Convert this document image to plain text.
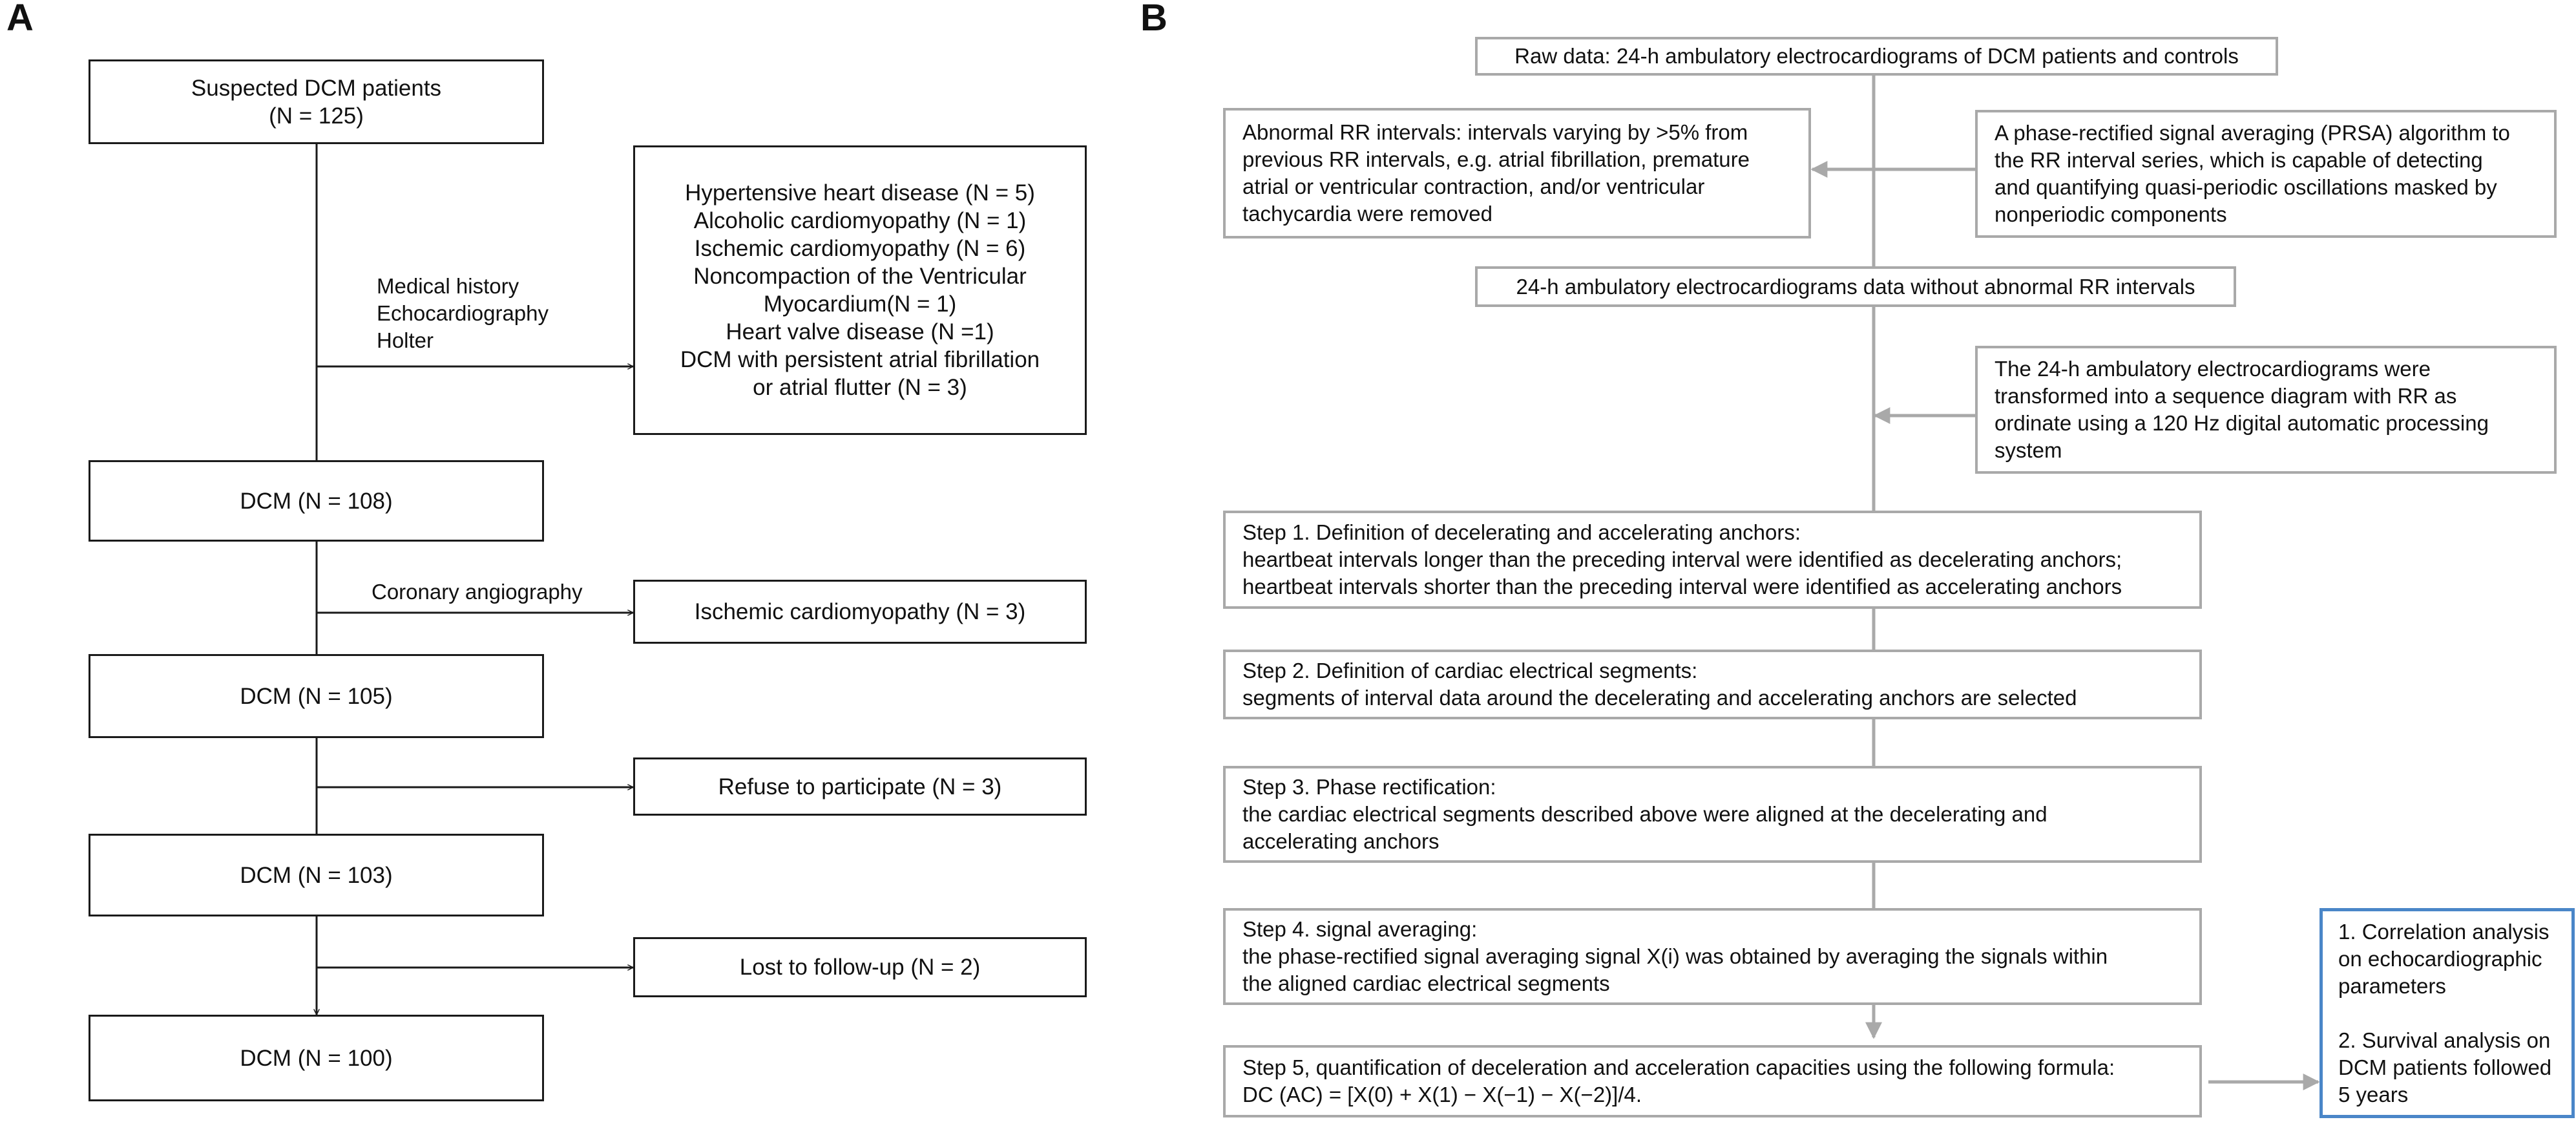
A
Suspected DCM patients
(N = 125)
Medical history
Echocardiography
Holter
Hypertensive heart disease (N = 5)
Alcoholic cardiomyopathy (N = 1)
Ischemic cardiomyopathy (N = 6)
Noncompaction of the Ventricular
Myocardium(N = 1)
Heart valve disease (N =1)
DCM with persistent atrial fibrillation
or atrial flutter (N = 3)
DCM (N = 108)
Coronary angiography
Ischemic cardiomyopathy (N = 3)
DCM (N = 105)
Refuse to participate (N = 3)
DCM (N = 103)
Lost to follow-up (N = 2)
DCM (N = 100)
B
Raw data: 24-h ambulatory electrocardiograms of DCM patients and controls
Abnormal RR intervals: intervals varying by >5% from
previous RR intervals, e.g. atrial fibrillation, premature
atrial or ventricular contraction, and/or ventricular
tachycardia were removed
A phase-rectified signal averaging (PRSA) algorithm to
the RR interval series, which is capable of detecting
and quantifying quasi-periodic oscillations masked by
nonperiodic components
24-h ambulatory electrocardiograms data without abnormal RR intervals
The 24-h ambulatory electrocardiograms were
transformed into a sequence diagram with RR as
ordinate using a 120 Hz digital automatic processing
system
Step 1. Definition of decelerating and accelerating anchors:
heartbeat intervals longer than the preceding interval were identified as decelerating anchors;
heartbeat intervals shorter than the preceding interval were identified as accelerating anchors
Step 2. Definition of cardiac electrical segments:
segments of interval data around the decelerating and accelerating anchors are selected
Step 3. Phase rectification:
the cardiac electrical segments described above were aligned at the decelerating and
accelerating anchors
Step 4. signal averaging:
the phase-rectified signal averaging signal X(i) was obtained by averaging the signals within
the aligned cardiac electrical segments
Step 5, quantification of deceleration and acceleration capacities using the following formula:
DC (AC) = [X(0) + X(1) − X(−1) − X(−2)]/4.
1. Correlation analysis
on echocardiographic
parameters
2. Survival analysis on
DCM patients followed
5 years
